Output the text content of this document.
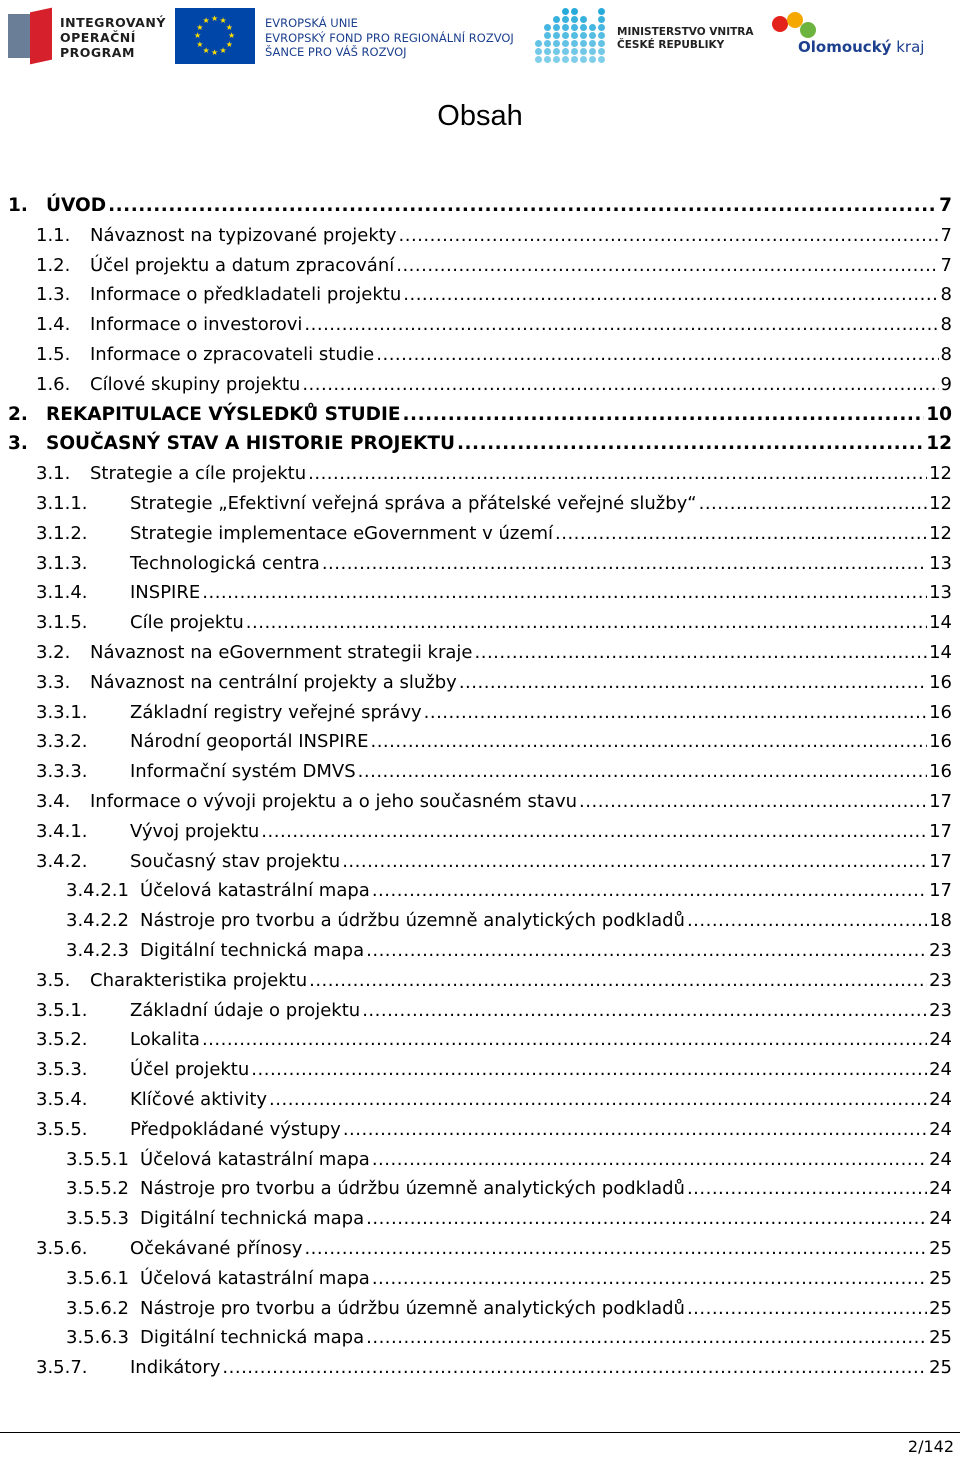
INTEGROVANÝ
OPERAČNÍ
PROGRAM
★ ★
★
★
★
★
★
★
★
★
★
★	EVROPSKÁ UNIE
EVROPSKÝ FOND PRO REGIONÁLNÍ ROZVOJ
ŠANCE PRO VÁŠ ROZVOJ
MINISTERSTVO VNITRA
ČESKÉ REPUBLIKY	Olomoucký kraj
Obsah
1. ÚVOD .....	7
1.1.	Návaznost na typizované projekty .....	7
1.2.	Účel projektu a datum zpracování .....	7
1.3.	Informace o předkladateli projektu .....	8
1.4.	Informace o investorovi .....	8
1.5.	Informace o zpracovateli studie .....	8
1.6.	Cílové skupiny projektu .....	9
2. REKAPITULACE VÝSLEDKŮ STUDIE .....	10
3. SOUČASNÝ STAV A HISTORIE PROJEKTU .....	12
3.1.	Strategie a cíle projektu .....	12
3.1.1.	Strategie „Efektivní veřejná správa a přátelské veřejné služby“ .....	12
3.1.2.	Strategie implementace eGovernment v území .....	12
3.1.3.	Technologická centra .....	13
3.1.4.	INSPIRE .....	13
3.1.5.	Cíle projektu .....	14
3.2.	Návaznost na eGovernment strategii kraje .....	14
3.3.	Návaznost na centrální projekty a služby .....	16
3.3.1.	Základní registry veřejné správy .....	16
3.3.2.	Národní geoportál INSPIRE .....	16
3.3.3.	Informační systém DMVS .....	16
3.4.	Informace o vývoji projektu a o jeho současném stavu .....	17
3.4.1.	Vývoj projektu .....	17
3.4.2.	Současný stav projektu .....	17
3.4.2.1 Účelová katastrální mapa .....	17
3.4.2.2 Nástroje pro tvorbu a údržbu územně analytických podkladů .....	18
3.4.2.3 Digitální technická mapa .....	23
3.5.	Charakteristika projektu .....	23
3.5.1.	Základní údaje o projektu .....	23
3.5.2.	Lokalita .....	24
3.5.3.	Účel projektu .....	24
3.5.4.	Klíčové aktivity .....	24
3.5.5.	Předpokládané výstupy .....	24
3.5.5.1 Účelová katastrální mapa .....	24
3.5.5.2 Nástroje pro tvorbu a údržbu územně analytických podkladů .....	24
3.5.5.3 Digitální technická mapa .....	24
3.5.6.	Očekávané přínosy .....	25
3.5.6.1 Účelová katastrální mapa .....	25
3.5.6.2 Nástroje pro tvorbu a údržbu územně analytických podkladů .....	25
3.5.6.3 Digitální technická mapa .....	25
3.5.7.	Indikátory .....	25
2/142
